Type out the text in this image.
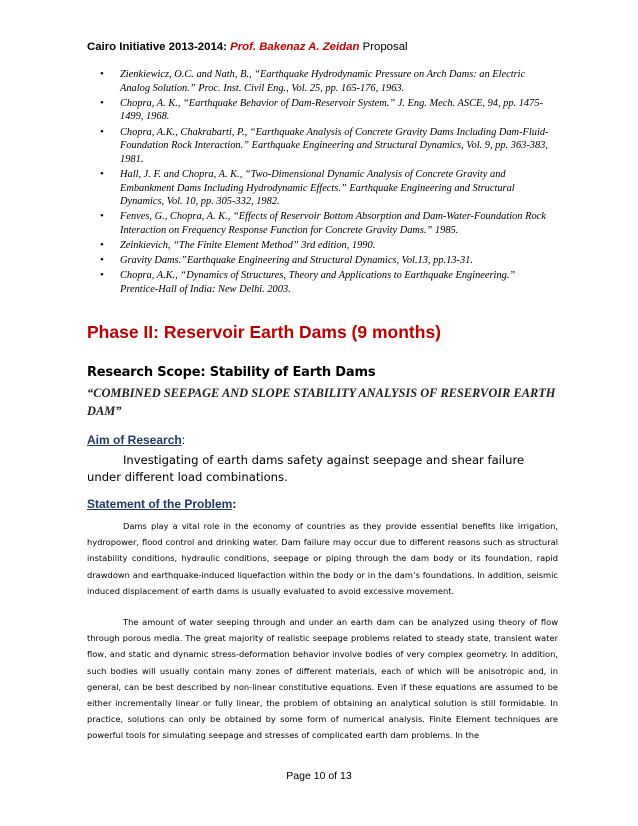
Cairo Initiative 2013-2014: Prof. Bakenaz A. Zeidan Proposal
• Zienkiewicz, O.C. and Nath, B., “Earthquake Hydrodynamic Pressure on Arch Dams: an Electric Analog Solution.” Proc. Inst. Civil Eng., Vol. 25, pp. 165-176, 1963.
• Chopra, A. K., “Earthquake Behavior of Dam-Reservoir System.” J. Eng. Mech. ASCE, 94, pp. 1475-1499, 1968.
• Chopra, A.K., Chakrabarti, P., “Earthquake Analysis of Concrete Gravity Dams Including Dam-Fluid-Foundation Rock Interaction.” Earthquake Engineering and Structural Dynamics, Vol. 9, pp. 363-383, 1981.
• Hall, J. F. and Chopra, A. K., “Two-Dimensional Dynamic Analysis of Concrete Gravity and Embankment Dams Including Hydrodynamic Effects.” Earthquake Engineering and Structural Dynamics, Vol. 10, pp. 305-332, 1982.
• Fenves, G., Chopra, A. K., “Effects of Reservoir Bottom Absorption and Dam-Water-Foundation Rock Interaction on Frequency Response Function for Concrete Gravity Dams.” 1985.
• Zeinkievich, “The Finite Element Method” 3rd edition, 1990.
• Gravity Dams.”Earthquake Engineering and Structural Dynamics, Vol.13, pp.13-31.
• Chopra, A.K., “Dynamics of Structures, Theory and Applications to Earthquake Engineering.” Prentice-Hall of India: New Delhi. 2003.
Phase II: Reservoir Earth Dams (9 months)
Research Scope: Stability of Earth Dams
“COMBINED SEEPAGE AND SLOPE STABILITY ANALYSIS OF RESERVOIR EARTH DAM”
Aim of Research:
Investigating of earth dams safety against seepage and shear failure under different load combinations.
Statement of the Problem:
Dams play a vital role in the economy of countries as they provide essential benefits like irrigation, hydropower, flood control and drinking water. Dam failure may occur due to different reasons such as structural instability conditions, hydraulic conditions, seepage or piping through the dam body or its foundation, rapid drawdown and earthquake-induced liquefaction within the body or in the dam’s foundations. In addition, seismic induced displacement of earth dams is usually evaluated to avoid excessive movement.
The amount of water seeping through and under an earth dam can be analyzed using theory of flow through porous media. The great majority of realistic seepage problems related to steady state, transient water flow, and static and dynamic stress-deformation behavior involve bodies of very complex geometry. In addition, such bodies will usually contain many zones of different materials, each of which will be anisotropic and, in general, can be best described by non-linear constitutive equations. Even if these equations are assumed to be either incrementally linear or fully linear, the problem of obtaining an analytical solution is still formidable. In practice, solutions can only be obtained by some form of numerical analysis. Finite Element techniques are powerful tools for simulating seepage and stresses of complicated earth dam problems. In the
Page 10 of 13
